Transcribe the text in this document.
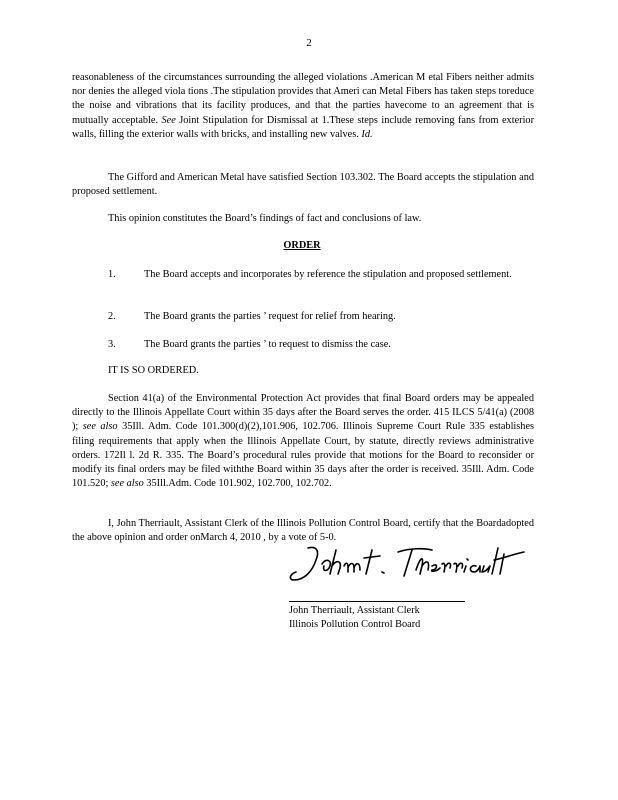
2

reasonableness of the circumstances surrounding the alleged violations .American M etal Fibers neither admits nor denies the alleged viola tions .The stipulation provides that Ameri can Metal Fibers has taken steps toreduce the noise and vibrations that its facility produces, and that the parties havecome to an agreement that is mutually acceptable. See Joint Stipulation for Dismissal at 1.These steps include removing fans from exterior walls, filling the exterior walls with bricks, and installing new valves. Id.

The Gifford and American Metal have satisfied Section 103.302. The Board accepts the stipulation and proposed settlement.

This opinion constitutes the Board’s findings of fact and conclusions of law.

ORDER
1.	The Board accepts and incorporates by reference the stipulation and proposed settlement.
2.	The Board grants the parties ’ request for relief from hearing.
3.	The Board grants the parties ’ to request to dismiss the case.

IT IS SO ORDERED.

Section 41(a) of the Environmental Protection Act provides that final Board orders may be appealed directly to the Illinois Appellate Court within 35 days after the Board serves the order. 415 ILCS 5/41(a) (2008 ); see also 35Ill. Adm. Code 101.300(d)(2),101.906, 102.706. Illinois Supreme Court Rule 335 establishes filing requirements that apply when the Illinois Appellate Court, by statute, directly reviews administrative orders. 172Il l. 2d R. 335. The Board’s procedural rules provide that motions for the Board to reconsider or modify its final orders may be filed withthe Board within 35 days after the order is received. 35Ill. Adm. Code 101.520; see also 35Ill.Adm. Code 101.902, 102.700, 102.702.

I, John Therriault, Assistant Clerk of the Illinois Pollution Control Board, certify that the Boardadopted the above opinion and order onMarch 4, 2010 , by a vote of 5-0.

John Therriault, Assistant Clerk
Illinois Pollution Control Board
